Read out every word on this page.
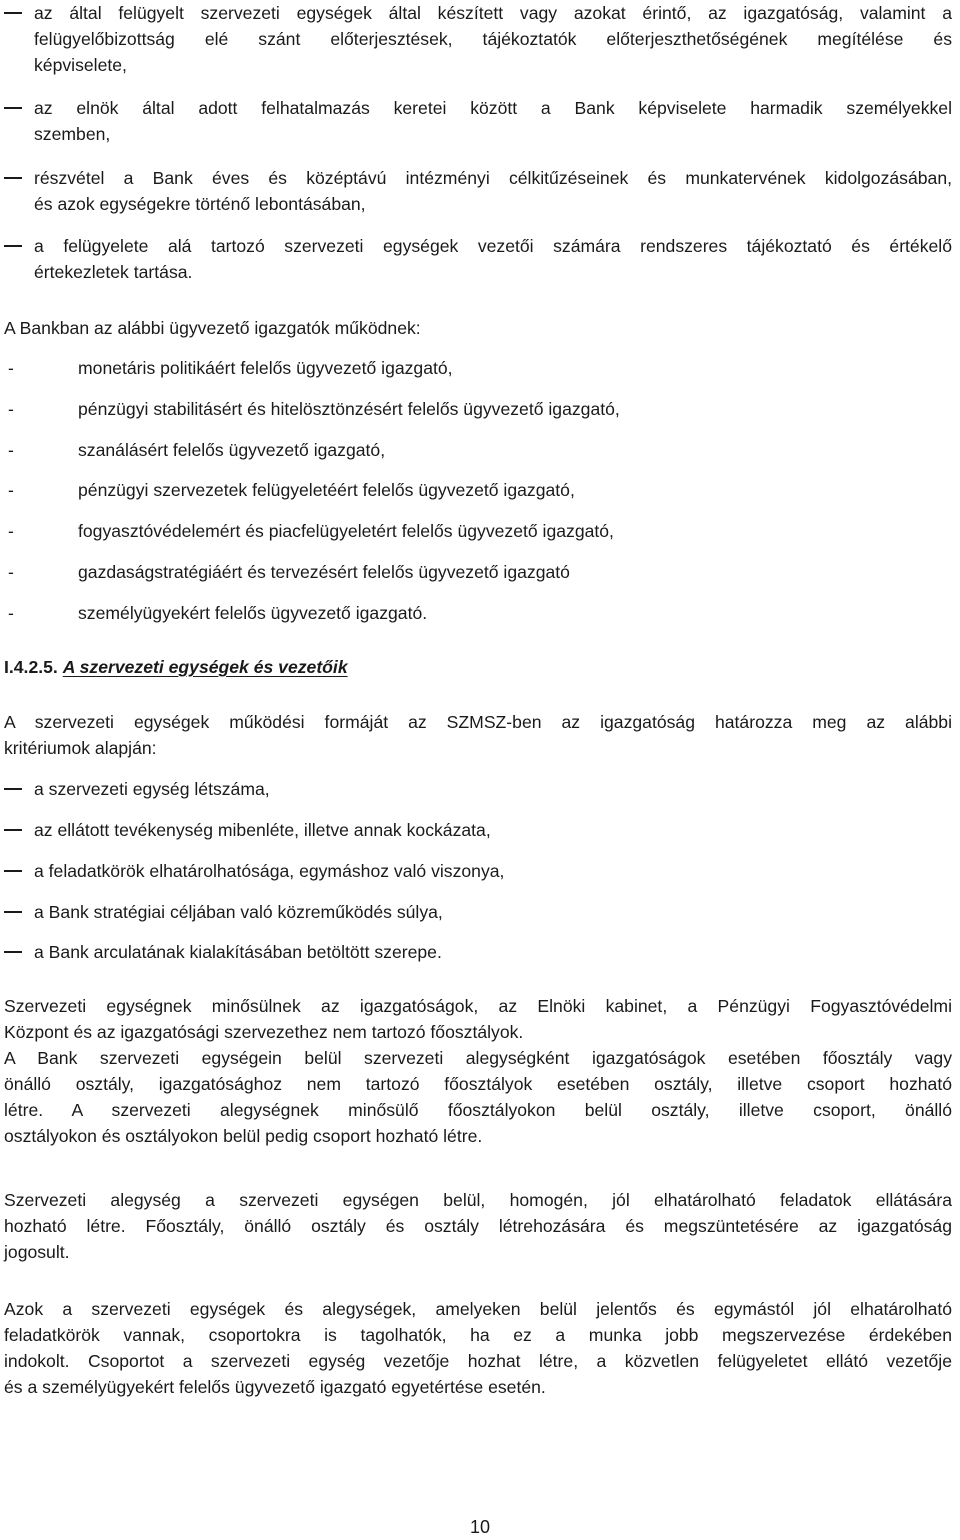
az által felügyelt szervezeti egységek által készített vagy azokat érintő, az igazgatóság, valamint a
felügyelőbizottság elé szánt előterjesztések, tájékoztatók előterjeszthetőségének megítélése és
képviselete,
az elnök által adott felhatalmazás keretei között a Bank képviselete harmadik személyekkel
szemben,
részvétel a Bank éves és középtávú intézményi célkitűzéseinek és munkatervének kidolgozásában,
és azok egységekre történő lebontásában,
a felügyelete alá tartozó szervezeti egységek vezetői számára rendszeres tájékoztató és értékelő
értekezletek tartása.

A Bankban az alábbi ügyvezető igazgatók működnek:

-	monetáris politikáért felelős ügyvezető igazgató,
-	pénzügyi stabilitásért és hitelösztönzésért felelős ügyvezető igazgató,
-	szanálásért felelős ügyvezető igazgató,
-	pénzügyi szervezetek felügyeletéért felelős ügyvezető igazgató,
-	fogyasztóvédelemért és piacfelügyeletért felelős ügyvezető igazgató,
-	gazdaságstratégiáért és tervezésért felelős ügyvezető igazgató
-	személyügyekért felelős ügyvezető igazgató.
I.4.2.5. A szervezeti egységek és vezetőik
A szervezeti egységek működési formáját az SZMSZ-ben az igazgatóság határozza meg az alábbi
kritériumok alapján:
a szervezeti egység létszáma,
az ellátott tevékenység mibenléte, illetve annak kockázata,
a feladatkörök elhatárolhatósága, egymáshoz való viszonya,
a Bank stratégiai céljában való közreműködés súlya,
a Bank arculatának kialakításában betöltött szerepe.
Szervezeti egységnek minősülnek az igazgatóságok, az Elnöki kabinet, a Pénzügyi Fogyasztóvédelmi
Központ és az igazgatósági szervezethez nem tartozó főosztályok.
A Bank szervezeti egységein belül szervezeti alegységként igazgatóságok esetében főosztály vagy
önálló osztály, igazgatósághoz nem tartozó főosztályok esetében osztály, illetve csoport hozható
létre. A szervezeti alegységnek minősülő főosztályokon belül osztály, illetve csoport, önálló
osztályokon és osztályokon belül pedig csoport hozható létre.
Szervezeti alegység a szervezeti egységen belül, homogén, jól elhatárolható feladatok ellátására
hozható létre. Főosztály, önálló osztály és osztály létrehozására és megszüntetésére az igazgatóság
jogosult.
Azok a szervezeti egységek és alegységek, amelyeken belül jelentős és egymástól jól elhatárolható
feladatkörök vannak, csoportokra is tagolhatók, ha ez a munka jobb megszervezése érdekében
indokolt. Csoportot a szervezeti egység vezetője hozhat létre, a közvetlen felügyeletet ellátó vezetője
és a személyügyekért felelős ügyvezető igazgató egyetértése esetén.
10
